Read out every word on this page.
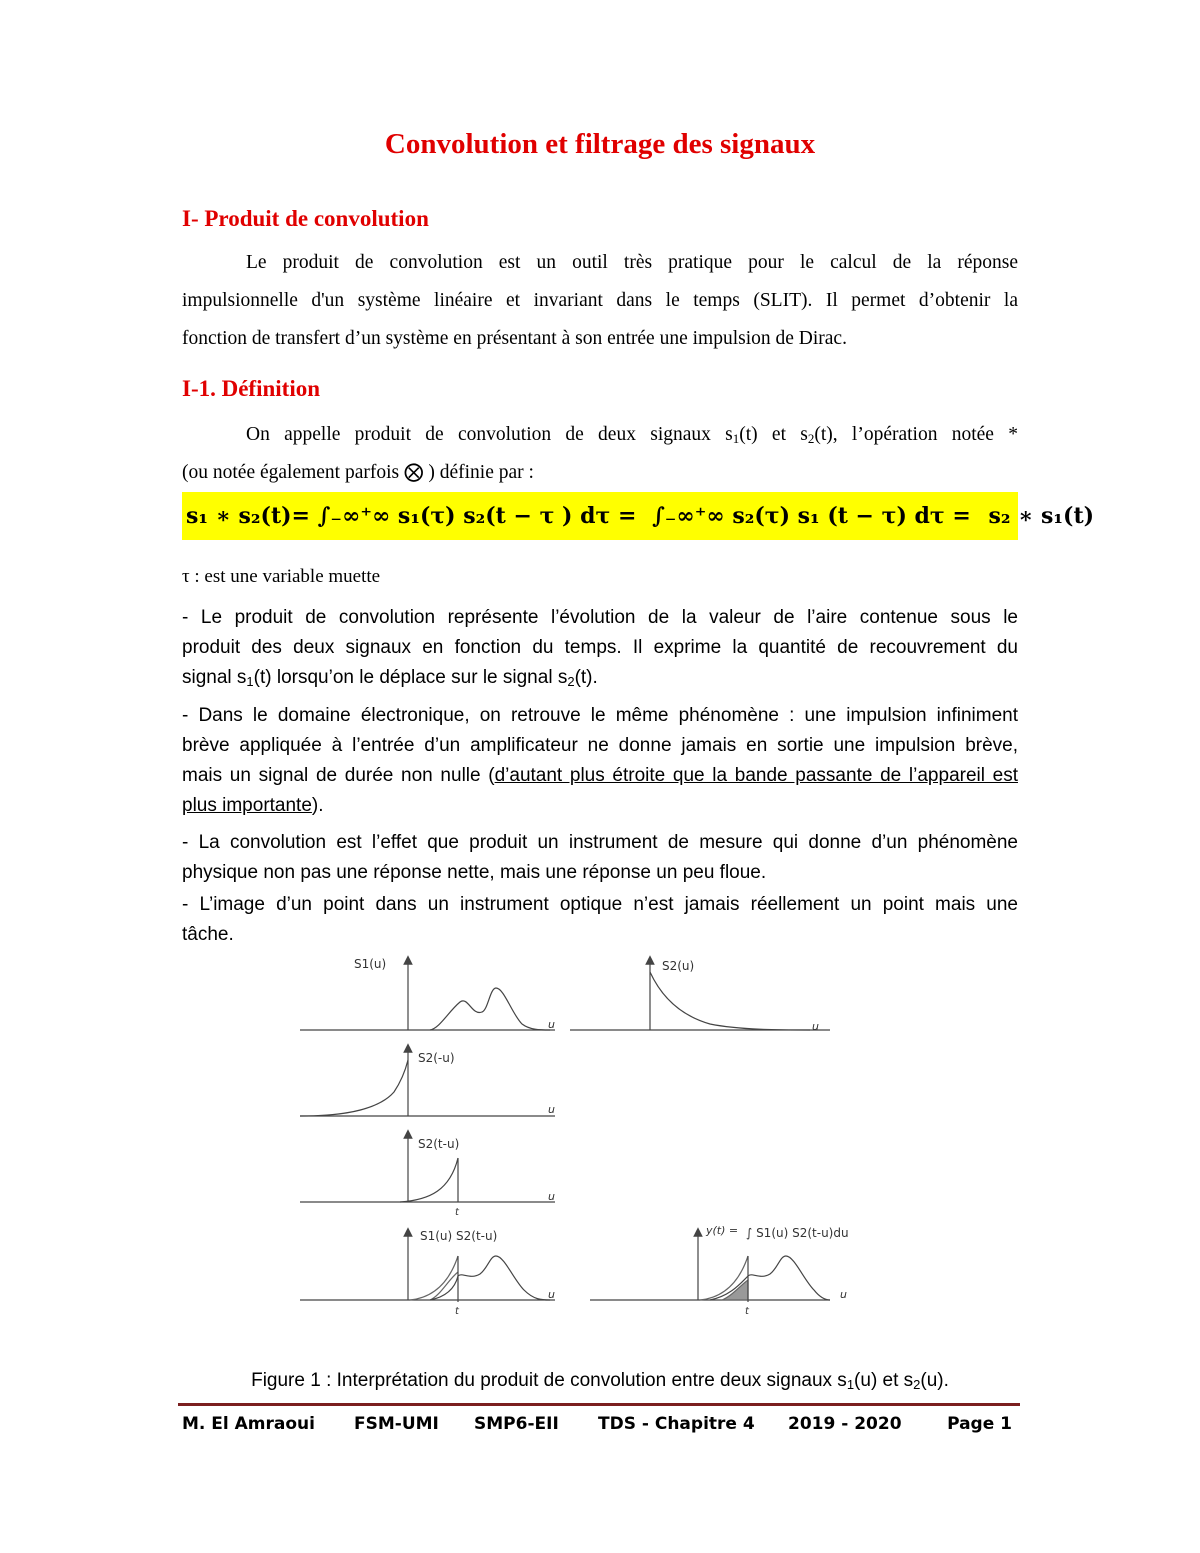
Convolution et filtrage des signaux
I- Produit de convolution
Le produit de convolution est un outil très pratique pour le calcul de la réponse
impulsionnelle d'un système linéaire et invariant dans le temps (SLIT). Il permet d’obtenir la
fonction de transfert d’un système en présentant à son entrée une impulsion de Dirac.
I-1. Définition
On appelle produit de convolution de deux signaux $s_1(t)$ et $s_2(t)$, l’opération notée *
(ou notée également parfois ⨂ ) définie par :
s₁ ∗ s₂(t)= ∫₋∞⁺∞ s₁(τ) s₂(t − τ ) dτ = ∫₋∞⁺∞ s₂(τ) s₁ (t − τ) dτ = s₂ ∗ s₁(t)
τ : est une variable muette
- Le produit de convolution représente l’évolution de la valeur de l’aire contenue sous le
produit des deux signaux en fonction du temps. Il exprime la quantité de recouvrement du
signal $s_1(t)$ lorsqu’on le déplace sur le signal $s_2(t)$.
- Dans le domaine électronique, on retrouve le même phénomène : une impulsion infiniment
brève appliquée à l’entrée d’un amplificateur ne donne jamais en sortie une impulsion brève,
mais un signal de durée non nulle (d’autant plus étroite que la bande passante de l’appareil est
plus importante).
- La convolution est l’effet que produit un instrument de mesure qui donne d’un phénomène
physique non pas une réponse nette, mais une réponse un peu floue.
- L’image d’un point dans un instrument optique n’est jamais réellement un point mais une
tâche.
S1(u)	S2(u)
S2(-u)
S2(t-u)
S1(u) S2(t-u)	y(t) = ∫ S1(u) S2(t-u)du
u	u
u
u
u	u
t
t	t
Figure 1 : Interprétation du produit de convolution entre deux signaux $s_1(u)$ et $s_2(u)$.
M. El Amraoui FSM-UMI SMP6-EII TDS - Chapitre 4 2019 - 2020	Page 1
